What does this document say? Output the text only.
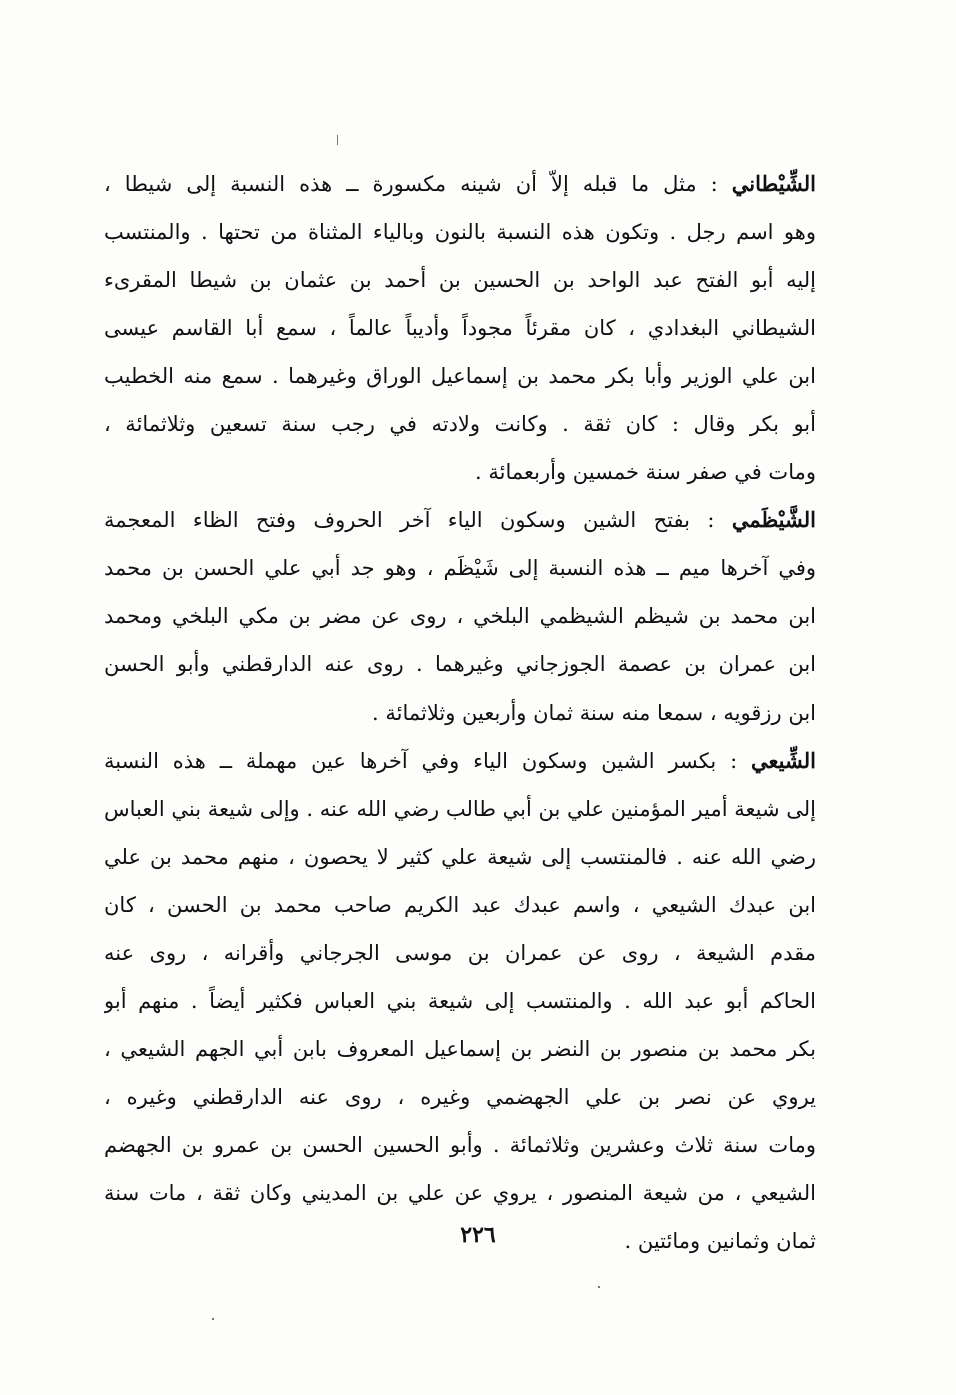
الشِّيْطاني : مثل ما قبله إلاّ أن شينه مكسورة ــ هذه النسبة إلى شيطا ،
وهو اسم رجل . وتكون هذه النسبة بالنون وبالياء المثناة من تحتها . والمنتسب
إليه أبو الفتح عبد الواحد بن الحسين بن أحمد بن عثمان بن شيطا المقرىء
الشيطاني البغدادي ، كان مقرئاً مجوداً وأديباً عالماً ، سمع أبا القاسم عيسى
ابن علي الوزير وأبا بكر محمد بن إسماعيل الوراق وغيرهما . سمع منه الخطيب
أبو بكر وقال : كان ثقة . وكانت ولادته في رجب سنة تسعين وثلاثمائة ،
ومات في صفر سنة خمسين وأربعمائة .
الشَّيْظَمي : بفتح الشين وسكون الياء آخر الحروف وفتح الظاء المعجمة
وفي آخرها ميم ــ هذه النسبة إلى شَيْظَم ، وهو جد أبي علي الحسن بن محمد
ابن محمد بن شيظم الشيظمي البلخي ، روى عن مضر بن مكي البلخي ومحمد
ابن عمران بن عصمة الجوزجاني وغيرهما . روى عنه الدارقطني وأبو الحسن
ابن رزقويه ، سمعا منه سنة ثمان وأربعين وثلاثمائة .
الشِّيعي : بكسر الشين وسكون الياء وفي آخرها عين مهملة ــ هذه النسبة
إلى شيعة أمير المؤمنين علي بن أبي طالب رضي الله عنه . وإلى شيعة بني العباس
رضي الله عنه . فالمنتسب إلى شيعة علي كثير لا يحصون ، منهم محمد بن علي
ابن عبدك الشيعي ، واسم عبدك عبد الكريم صاحب محمد بن الحسن ، كان
مقدم الشيعة ، روى عن عمران بن موسى الجرجاني وأقرانه ، روى عنه
الحاكم أبو عبد الله . والمنتسب إلى شيعة بني العباس فكثير أيضاً . منهم أبو
بكر محمد بن منصور بن النضر بن إسماعيل المعروف بابن أبي الجهم الشيعي ،
يروي عن نصر بن علي الجهضمي وغيره ، روى عنه الدارقطني وغيره ،
ومات سنة ثلاث وعشرين وثلاثمائة . وأبو الحسين الحسن بن عمرو بن الجهضم
الشيعي ، من شيعة المنصور ، يروي عن علي بن المديني وكان ثقة ، مات سنة
ثمان وثمانين ومائتين .
٢٢٦
